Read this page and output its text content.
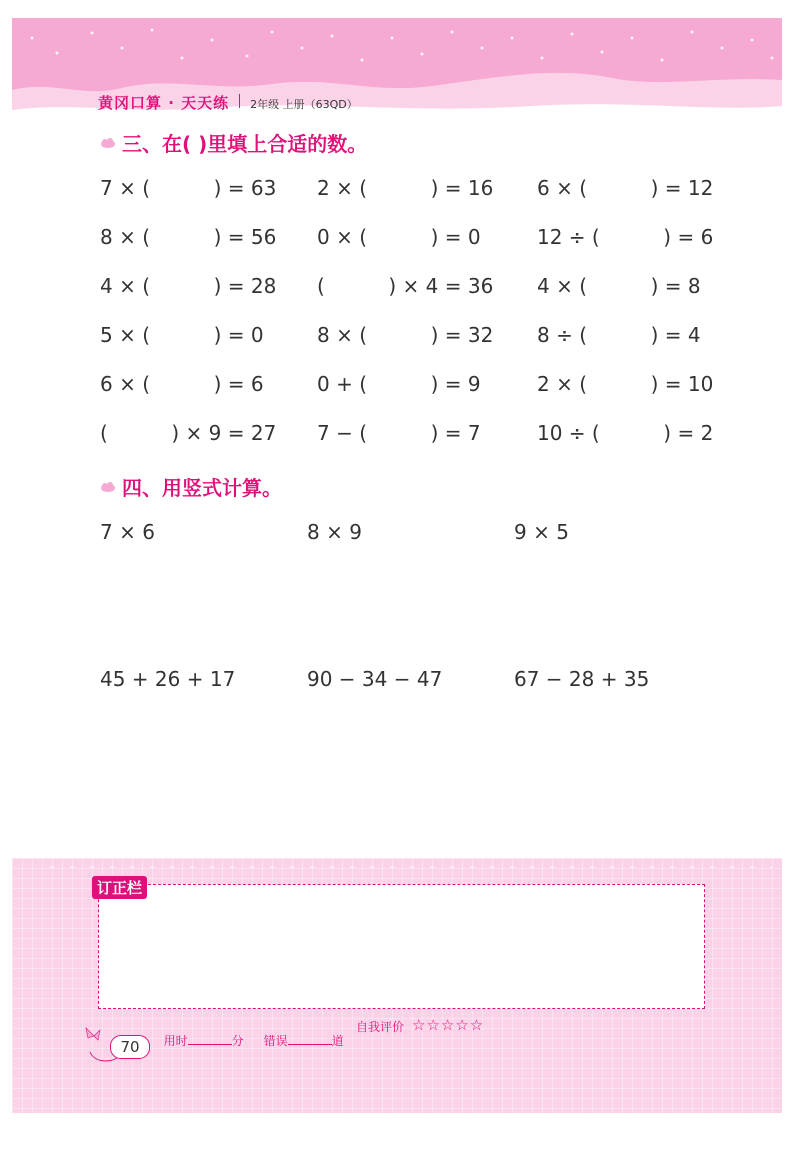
黄冈口算 · 天天练 2年级 上册（63QD）
三、在( )里填上合适的数。
7 × (          ) = 63 2 × (          ) = 16 6 × (          ) = 12
8 × (          ) = 56 0 × (          ) = 0	12 ÷ (          ) = 6
4 × (          ) = 28 (          ) × 4 = 36 4 × (          ) = 8
5 × (          ) = 0	8 × (          ) = 32 8 ÷ (          ) = 4
6 × (          ) = 6	0 + (          ) = 9	2 × (          ) = 10
(          ) × 9 = 27 7 − (          ) = 7	10 ÷ (          ) = 2
四、用竖式计算。
7 × 6	8 × 9	9 × 5
45 + 26 + 17	90 − 34 − 47	67 − 28 + 35
订正栏
70	用时	分	错误	道

自我评价 ☆☆☆☆☆
